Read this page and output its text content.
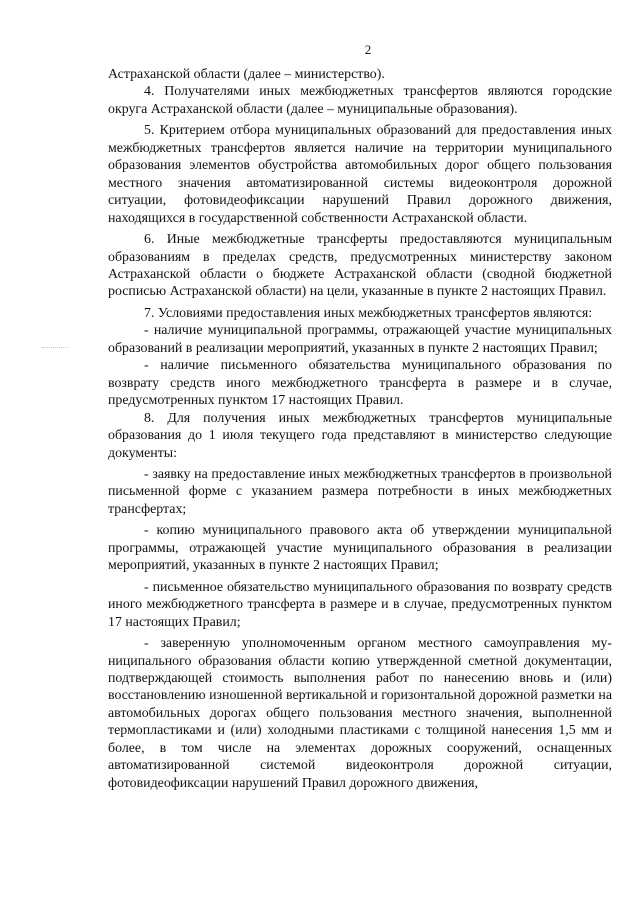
2

Астраханской области (далее – министерство).

4. Получателями иных межбюджетных трансфертов являются городские округа Астраханской области (далее – муниципальные образования).

5. Критерием отбора муниципальных образований для предоставления иных межбюджетных трансфертов является наличие на территории муниципального образования элементов обустройства автомобильных дорог общего пользования местного значения автоматизированной системы видеоконтроля дорожной ситуации, фотовидеофиксации нарушений Правил дорожного движения, находящихся в государственной собственности Астраханской области.

6. Иные межбюджетные трансферты предоставляются муниципальным образованиям в пределах средств, предусмотренных министерству законом Астраханской области о бюджете Астраханской области (сводной бюджетной росписью Астраханской области) на цели, указанные в пункте 2 настоящих Правил.

7. Условиями предоставления иных межбюджетных трансфертов являются:

- наличие муниципальной программы, отражающей участие муниципальных образований в реализации мероприятий, указанных в пункте 2 настоящих Правил;

- наличие письменного обязательства муниципального образования по возврату средств иного межбюджетного трансферта в размере и в случае, предусмотренных пунктом 17 настоящих Правил.

8. Для получения иных межбюджетных трансфертов муниципальные образования до 1 июля текущего года представляют в министерство следующие документы:

- заявку на предоставление иных межбюджетных трансфертов в произвольной письменной форме с указанием размера потребности в иных межбюджетных трансфертах;

- копию муниципального правового акта об утверждении муниципальной программы, отражающей участие муниципального образования в реализации мероприятий, указанных в пункте 2 настоящих Правил;

- письменное обязательство муниципального образования по возврату средств иного межбюджетного трансферта в размере и в случае, предусмотренных пунктом 17 настоящих Правил;

- заверенную уполномоченным органом местного самоуправления муниципального образования области копию утвержденной сметной документации, подтверждающей стоимость выполнения работ по нанесению вновь и (или) восстановлению изношенной вертикальной и горизонтальной дорожной разметки на автомобильных дорогах общего пользования местного значения, выполненной термопластиками и (или) холодными пластиками с толщиной нанесения 1,5 мм и более, в том числе на элементах дорожных сооружений, оснащенных автоматизированной системой видеоконтроля дорожной ситуации, фотовидеофиксации нарушений Правил дорожного движения,
